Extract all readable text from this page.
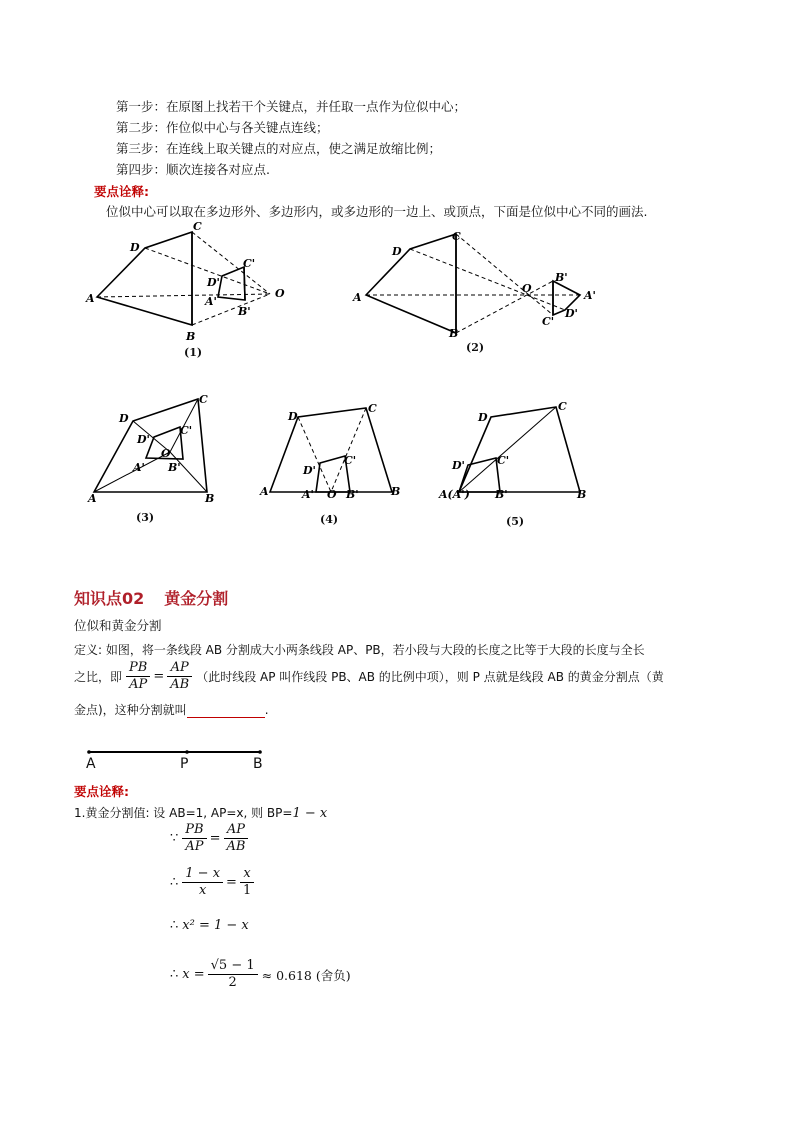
第一步：在原图上找若干个关键点，并任取一点作为位似中心；
第二步：作位似中心与各关键点连线；
第三步：在连线上取关键点的对应点，使之满足放缩比例；
第四步：顺次连接各对应点.
要点诠释:
位似中心可以取在多边形外、多边形内，或多边形的一边上、或顶点，下面是位似中心不同的画法.
D
C
A
B
D'
C'
A'
B'
O
D
C
A
B
O
B'
A'
D'
C'
D
C
A	B
D'
C'
O
A' B'
D
C
A	B
D'
C'
A' O B'
D
C
D'	C'
A(A') B'	B
(1)	(2)
(3)	(4)	(5)
知识点02 黄金分割
位似和黄金分割
定义: 如图，将一条线段 AB 分割成大小两条线段 AP、PB，若小段与大段的长度之比等于大段的长度与全长
之比，即 $\frac{PB}{AP} = \frac{AP}{AB}$ （此时线段 AP 叫作线段 PB、AB 的比例中项），则 P 点就是线段 AB 的黄金分割点（黄
金点)，这种分割就叫	.
A	P	B
要点诠释:
1.黄金分割值: 设 AB=1, AP=x, 则 BP=1 − x
∵ $\frac{PB}{AP} = \frac{AP}{AB}$
∴ $\frac{1 - x}{x} = \frac{x}{1}$
∴ x² = 1 − x
∴ $x = \frac{√5 - 1}{2} \approx 0.618$ (舍负)
